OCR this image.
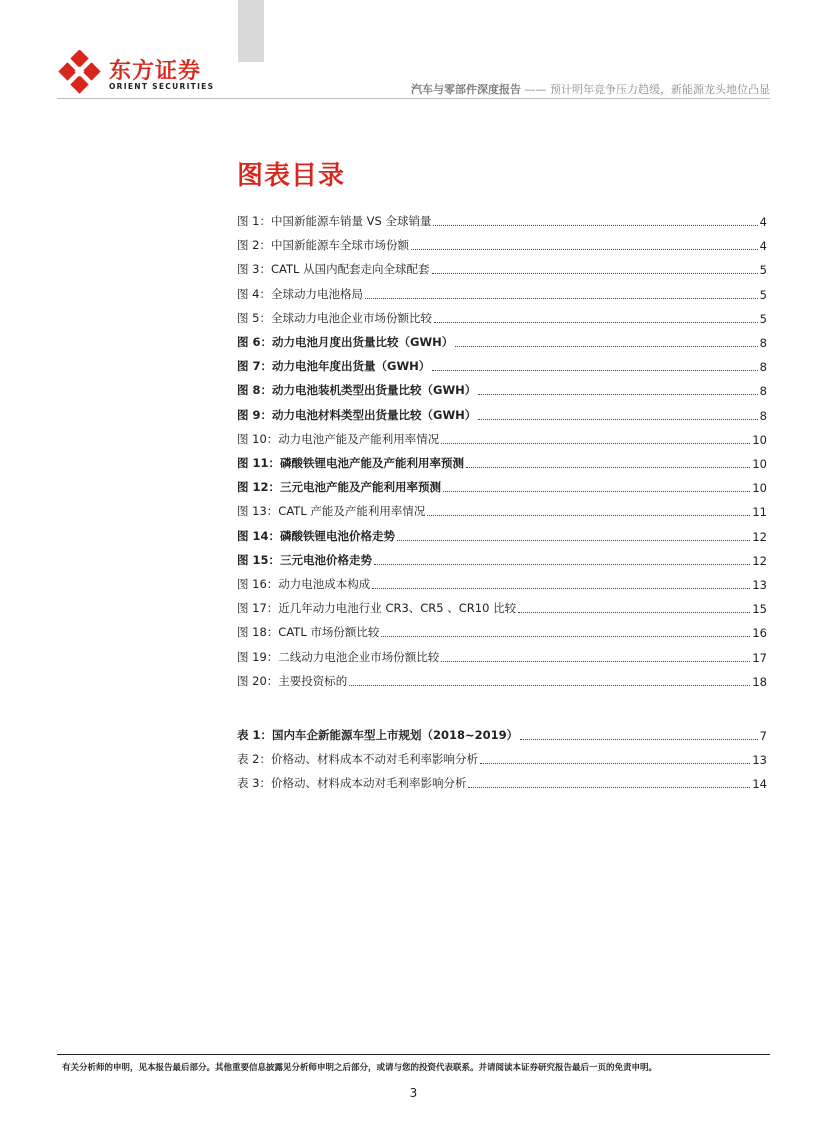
东方证券
ORIENT SECURITIES	汽车与零部件深度报告 —— 预计明年竞争压力趋缓，新能源龙头地位凸显
图表目录
图 1：中国新能源车销量 VS 全球销量	4
图 2：中国新能源车全球市场份额	4
图 3：CATL 从国内配套走向全球配套	5
图 4：全球动力电池格局	5
图 5：全球动力电池企业市场份额比较	5
图 6：动力电池月度出货量比较（GWH）	8
图 7：动力电池年度出货量（GWH）	8
图 8：动力电池装机类型出货量比较（GWH）	8
图 9：动力电池材料类型出货量比较（GWH）	8
图 10：动力电池产能及产能利用率情况	10
图 11：磷酸铁锂电池产能及产能利用率预测	10
图 12：三元电池产能及产能利用率预测	10
图 13：CATL 产能及产能利用率情况	11
图 14：磷酸铁锂电池价格走势	12
图 15：三元电池价格走势	12
图 16：动力电池成本构成	13
图 17：近几年动力电池行业 CR3、CR5 、CR10 比较	15
图 18：CATL 市场份额比较	16
图 19：二线动力电池企业市场份额比较	17
图 20：主要投资标的	18
表 1：国内车企新能源车型上市规划（2018~2019）	7
表 2：价格动、材料成本不动对毛利率影响分析	13
表 3：价格动、材料成本动对毛利率影响分析	14
有关分析师的申明，见本报告最后部分。其他重要信息披露见分析师申明之后部分，或请与您的投资代表联系。并请阅读本证券研究报告最后一页的免责申明。
3
